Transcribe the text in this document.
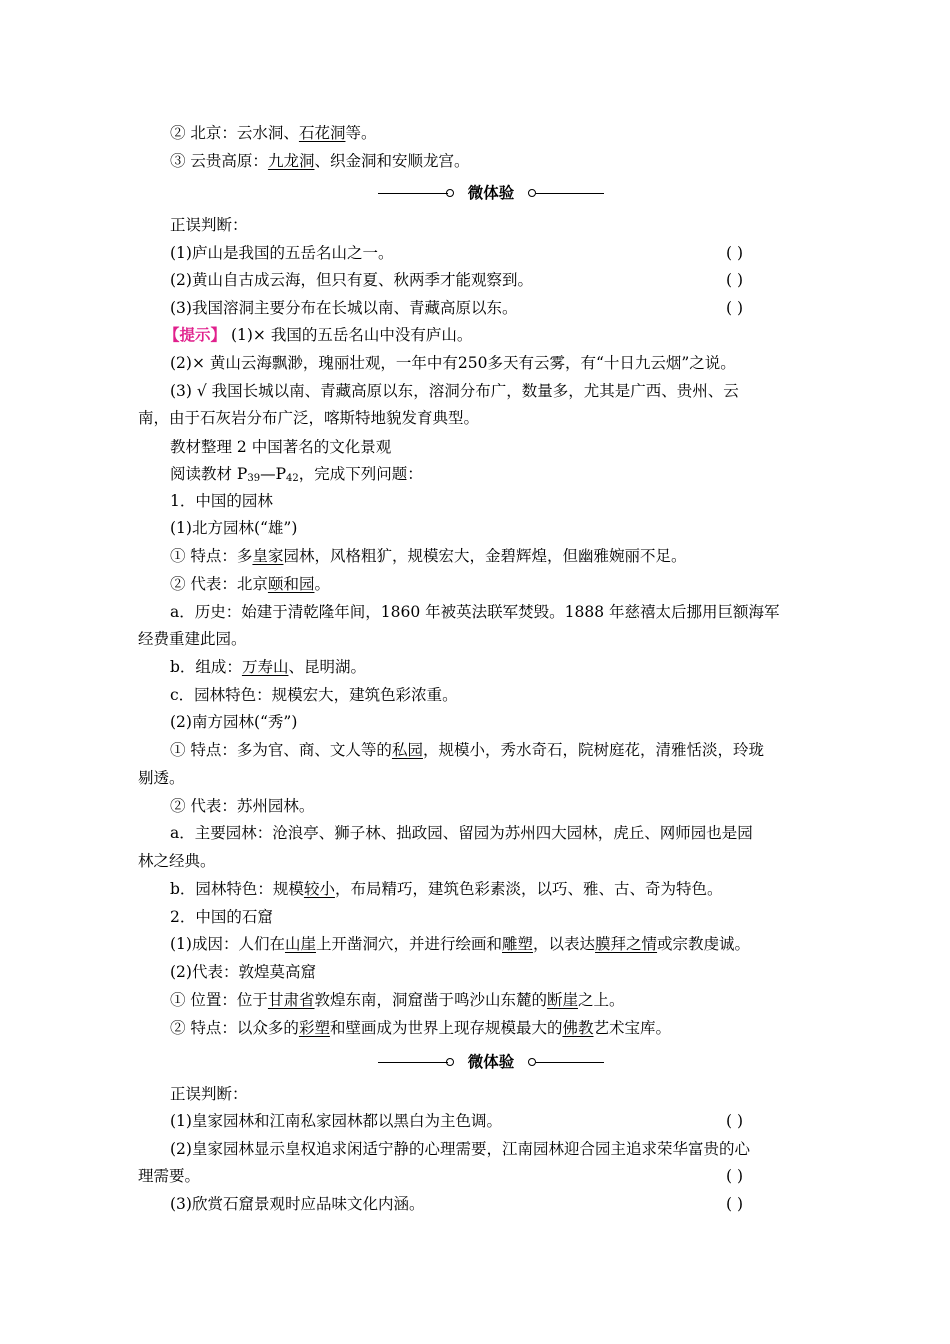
② 北京：云水洞、石花洞等。
③ 云贵高原：九龙洞、织金洞和安顺龙宫。
微体验
正误判断：
(1)庐山是我国的五岳名山之一。	( )
(2)黄山自古成云海，但只有夏、秋两季才能观察到。	( )
(3)我国溶洞主要分布在长城以南、青藏高原以东。	( )
【提示】 (1)× 我国的五岳名山中没有庐山。
(2)× 黄山云海飘渺，瑰丽壮观，一年中有250多天有云雾，有“十日九云烟”之说。
(3) √ 我国长城以南、青藏高原以东，溶洞分布广，数量多，尤其是广西、贵州、云
南，由于石灰岩分布广泛，喀斯特地貌发育典型。
教材整理 2 中国著名的文化景观
阅读教材 $P_{39}—P_{42}$，完成下列问题：
1．中国的园林
(1)北方园林(“雄”)
① 特点：多皇家园林，风格粗犷，规模宏大，金碧辉煌，但幽雅婉丽不足。
② 代表：北京颐和园。
a．历史：始建于清乾隆年间，1860 年被英法联军焚毁。1888 年慈禧太后挪用巨额海军
经费重建此园。
b．组成：万寿山、昆明湖。
c．园林特色：规模宏大，建筑色彩浓重。
(2)南方园林(“秀”)
① 特点：多为官、商、文人等的私园，规模小，秀水奇石，院树庭花，清雅恬淡，玲珑
剔透。
② 代表：苏州园林。
a．主要园林：沧浪亭、狮子林、拙政园、留园为苏州四大园林，虎丘、网师园也是园
林之经典。
b．园林特色：规模较小，布局精巧，建筑色彩素淡，以巧、雅、古、奇为特色。
2．中国的石窟
(1)成因：人们在山崖上开凿洞穴，并进行绘画和雕塑，以表达膜拜之情或宗教虔诚。
(2)代表：敦煌莫高窟
① 位置：位于甘肃省敦煌东南，洞窟凿于鸣沙山东麓的断崖之上。
② 特点：以众多的彩塑和壁画成为世界上现存规模最大的佛教艺术宝库。
微体验
正误判断：
(1)皇家园林和江南私家园林都以黑白为主色调。	( )
(2)皇家园林显示皇权追求闲适宁静的心理需要，江南园林迎合园主追求荣华富贵的心
理需要。	( )
(3)欣赏石窟景观时应品味文化内涵。	( )
